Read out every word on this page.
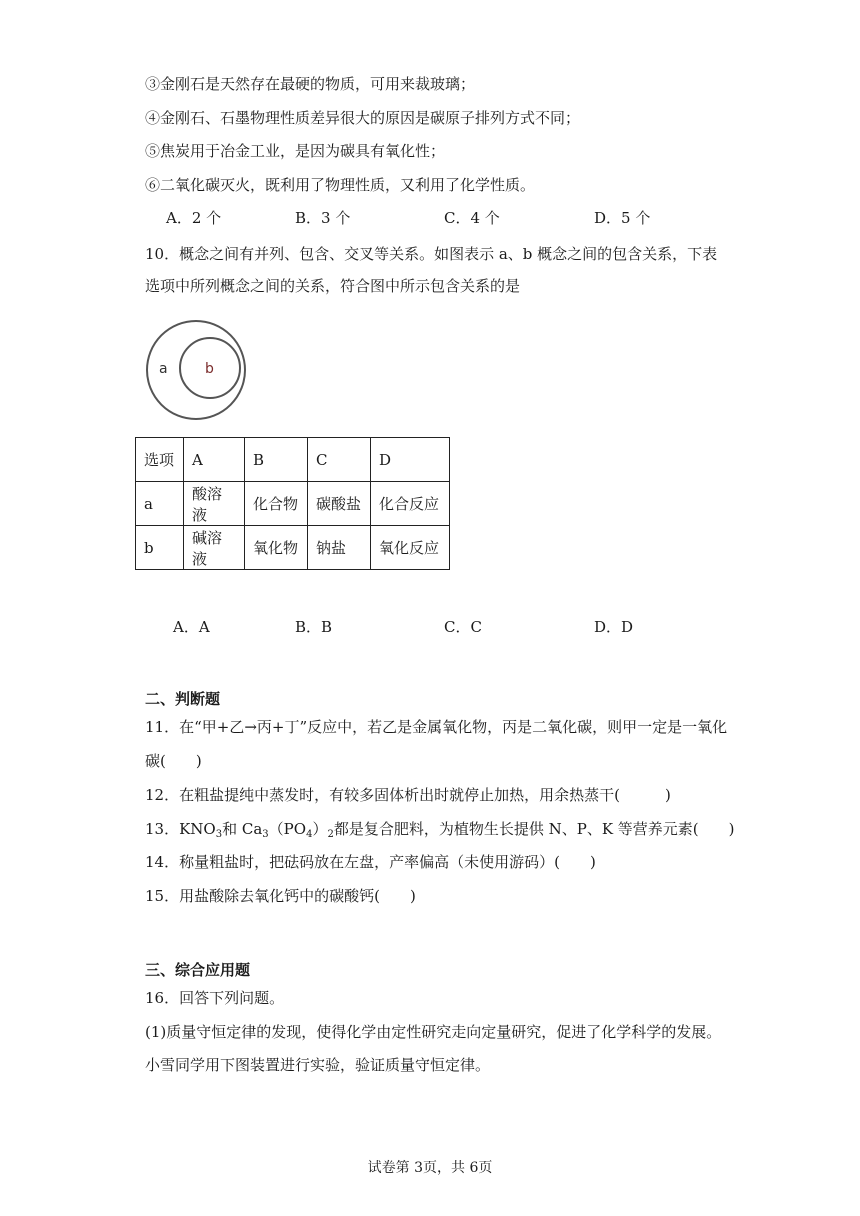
③金刚石是天然存在最硬的物质，可用来裁玻璃；
④金刚石、石墨物理性质差异很大的原因是碳原子排列方式不同；
⑤焦炭用于冶金工业，是因为碳具有氧化性；
⑥二氧化碳灭火，既利用了物理性质，又利用了化学性质。
A．2 个	B．3 个	C．4 个	D．5 个
10．概念之间有并列、包含、交叉等关系。如图表示 a、b 概念之间的包含关系，下表
选项中所列概念之间的关系，符合图中所示包含关系的是
a	b
选项	A	B	C	D
a	酸溶液	化合物	碳酸盐	化合反应
b	碱溶液	氧化物	钠盐	氧化反应
A．A	B．B	C．C	D．D
二、判断题
11．在“甲+乙→丙+丁”反应中，若乙是金属氧化物，丙是二氧化碳，则甲一定是一氧化
碳(　　)
12．在粗盐提纯中蒸发时，有较多固体析出时就停止加热，用余热蒸干(　　　)
13．$KNO_3$和 $Ca_3(PO_4)_2$都是复合肥料，为植物生长提供 N、P、K 等营养元素(　　)
14．称量粗盐时，把砝码放在左盘，产率偏高（未使用游码）(　　)
15．用盐酸除去氧化钙中的碳酸钙(　　)
三、综合应用题
16．回答下列问题。
(1)质量守恒定律的发现，使得化学由定性研究走向定量研究，促进了化学科学的发展。
小雪同学用下图装置进行实验，验证质量守恒定律。
试卷第 3页，共 6页
